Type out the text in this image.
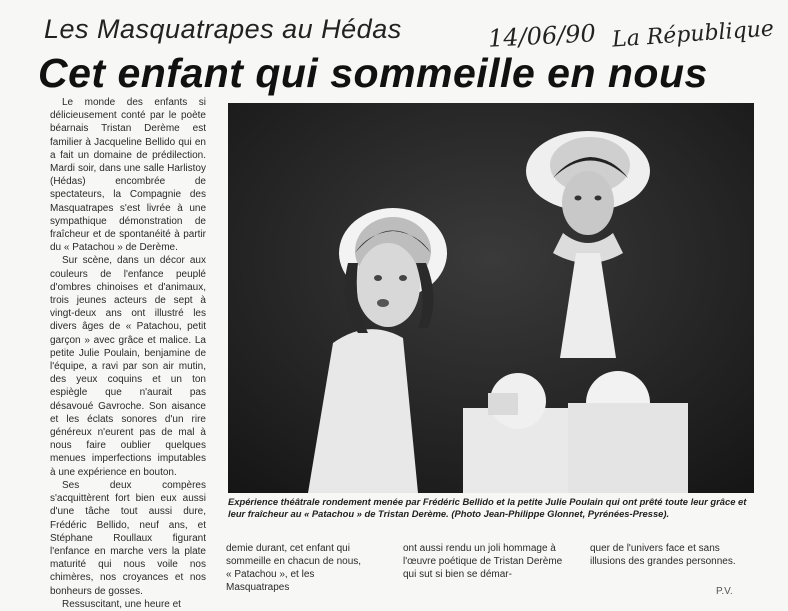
Les Masquatrapes au Hédas	14/06/90 La République
Cet enfant qui sommeille en nous

Le monde des enfants si délicieusement conté par le poète béarnais Tristan Derème est familier à Jacqueline Bellido qui en a fait un domaine de prédilection. Mardi soir, dans une salle Harlistoy (Hédas) encombrée de spectateurs, la Compagnie des Masquatrapes s'est livrée à une sympathique démonstration de fraîcheur et de spontanéité à partir du « Patachou » de Derème.

Sur scène, dans un décor aux couleurs de l'enfance peuplé d'ombres chinoises et d'animaux, trois jeunes acteurs de sept à vingt-deux ans ont illustré les divers âges de « Patachou, petit garçon » avec grâce et malice. La petite Julie Poulain, benjamine de l'équipe, a ravi par son air mutin, des yeux coquins et un ton espiègle que n'aurait pas désavoué Gavroche. Son aisance et les éclats sonores d'un rire généreux n'eurent pas de mal à nous faire oublier quelques menues imperfections imputables à une expérience en bouton.

Ses deux compères s'acquittèrent fort bien eux aussi d'une tâche tout aussi dure, Frédéric Bellido, neuf ans, et Stéphane Roullaux figurant l'enfance en marche vers la plate maturité qui nous voile nos chimères, nos croyances et nos bonheurs de gosses.

Ressuscitant, une heure et

Expérience théâtrale rondement menée par Frédéric Bellido et la petite Julie Poulain qui ont prêté toute leur grâce et leur fraîcheur au « Patachou » de Tristan Derème. (Photo Jean-Philippe Glonnet, Pyrénées-Presse).
demie durant, cet enfant qui sommeille en chacun de nous, « Patachou », et les Masquatrapes
ont aussi rendu un joli hommage à l'œuvre poétique de Tristan Derème qui sut si bien se démar-
quer de l'univers face et sans illusions des grandes personnes.
P.V.
